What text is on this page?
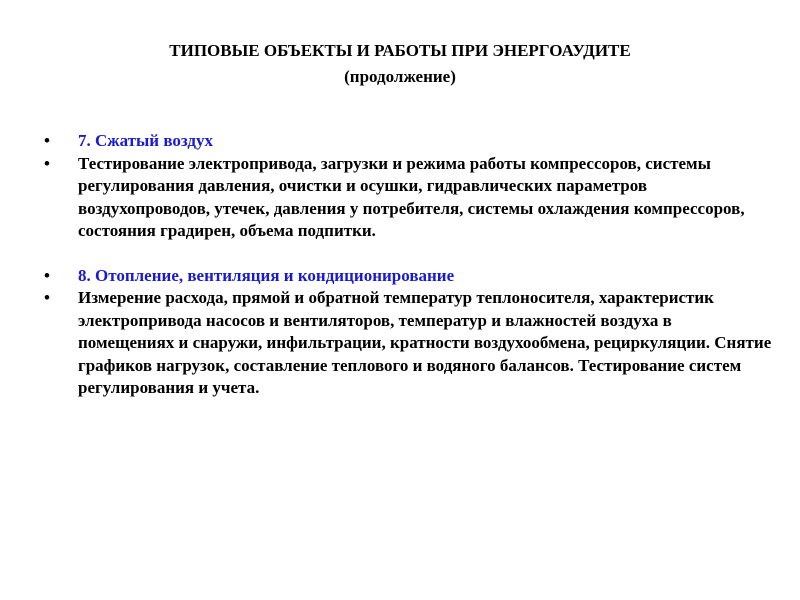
ТИПОВЫЕ ОБЪЕКТЫ И РАБОТЫ ПРИ ЭНЕРГОАУДИТЕ
(продолжение)
•	7. Сжатый воздух
•	Тестирование электропривода, загрузки и режима работы компрессоров, системы регулирования давления, очистки и осушки, гидравлических параметров воздухопроводов, утечек, давления у потребителя, системы охлаждения компрессоров, состояния градирен, объема подпитки.
•	8. Отопление, вентиляция и кондиционирование
•	Измерение расхода, прямой и обратной температур теплоносителя, характеристик электропривода насосов и вентиляторов, температур и влажностей воздуха в помещениях и снаружи, инфильтрации, кратности воздухообмена, рециркуляции. Снятие графиков нагрузок, составление теплового и водяного балансов. Тестирование систем регулирования и учета.
